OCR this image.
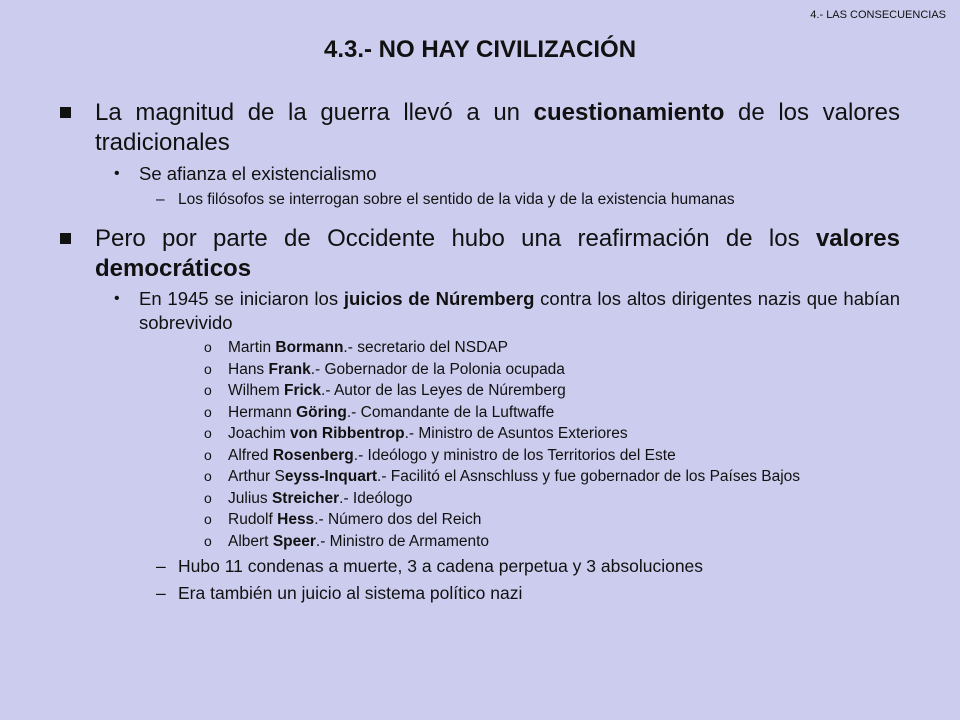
4.- LAS CONSECUENCIAS
4.3.- NO HAY CIVILIZACIÓN
La magnitud de la guerra llevó a un cuestionamiento de los valores tradicionales
• Se afianza el existencialismo
– Los filósofos se interrogan sobre el sentido de la vida y de la existencia humanas
Pero por parte de Occidente hubo una reafirmación de los valores democráticos
• En 1945 se iniciaron los juicios de Núremberg contra los altos dirigentes nazis que habían sobrevivido
o Martin Bormann.- secretario del NSDAP
o Hans Frank.- Gobernador de la Polonia ocupada
o Wilhem Frick.- Autor de las Leyes de Núremberg
o Hermann Göring.- Comandante de la Luftwaffe
o Joachim von Ribbentrop.- Ministro de Asuntos Exteriores
o Alfred Rosenberg.- Ideólogo y ministro de los Territorios del Este
o Arthur Seyss-Inquart.- Facilitó el Asnschluss y fue gobernador de los Países Bajos
o Julius Streicher.- Ideólogo
o Rudolf Hess.- Número dos del Reich
o Albert Speer.- Ministro de Armamento
– Hubo 11 condenas a muerte, 3 a cadena perpetua y 3 absoluciones
– Era también un juicio al sistema político nazi
